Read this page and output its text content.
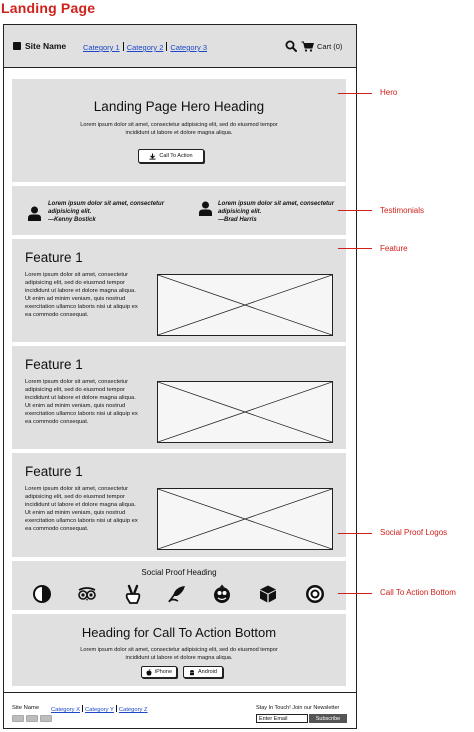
Landing Page
Site Name Category 1 Category 2 Category 3	Cart (0)
Landing Page Hero Heading
Lorem ipsum dolor sit amet, consectetur adipisicing elit, sed do eiusmod tempor incididunt ut labore et dolore magna aliqua.
Call To Action
Lorem ipsum dolor sit amet, consectetur adipisicing elit.
—Kenny Bostick
Lorem ipsum dolor sit amet, consectetur adipisicing elit.
—Brad Harris
Feature 1
Lorem ipsum dolor sit amet, consectetur adipisicing elit, sed do eiusmod tempor incididunt ut labore et dolore magna aliqua. Ut enim ad minim veniam, quis nostrud exercitation ullamco laboris nisi ut aliquip ex ea commodo consequat.
Feature 1
Lorem ipsum dolor sit amet, consectetur adipisicing elit, sed do eiusmod tempor incididunt ut labore et dolore magna aliqua. Ut enim ad minim veniam, quis nostrud exercitation ullamco laboris nisi ut aliquip ex ea commodo consequat.
Feature 1
Lorem ipsum dolor sit amet, consectetur adipisicing elit, sed do eiusmod tempor incididunt ut labore et dolore magna aliqua. Ut enim ad minim veniam, quis nostrud exercitation ullamco laboris nisi ut aliquip ex ea commodo consequat.
Social Proof Heading
Heading for Call To Action Bottom
Lorem ipsum dolor sit amet, consectetur adipisicing elit, sed do eiusmod tempor incididunt ut labore et dolore magna aliqua.
iPhone	Android
Site Name Category X Category Y Category Z	Stay In Touch! Join our Newsletter
Enter Email
Subscribe
Hero
Testimonials
Feature
Social Proof Logos
Call To Action Bottom
